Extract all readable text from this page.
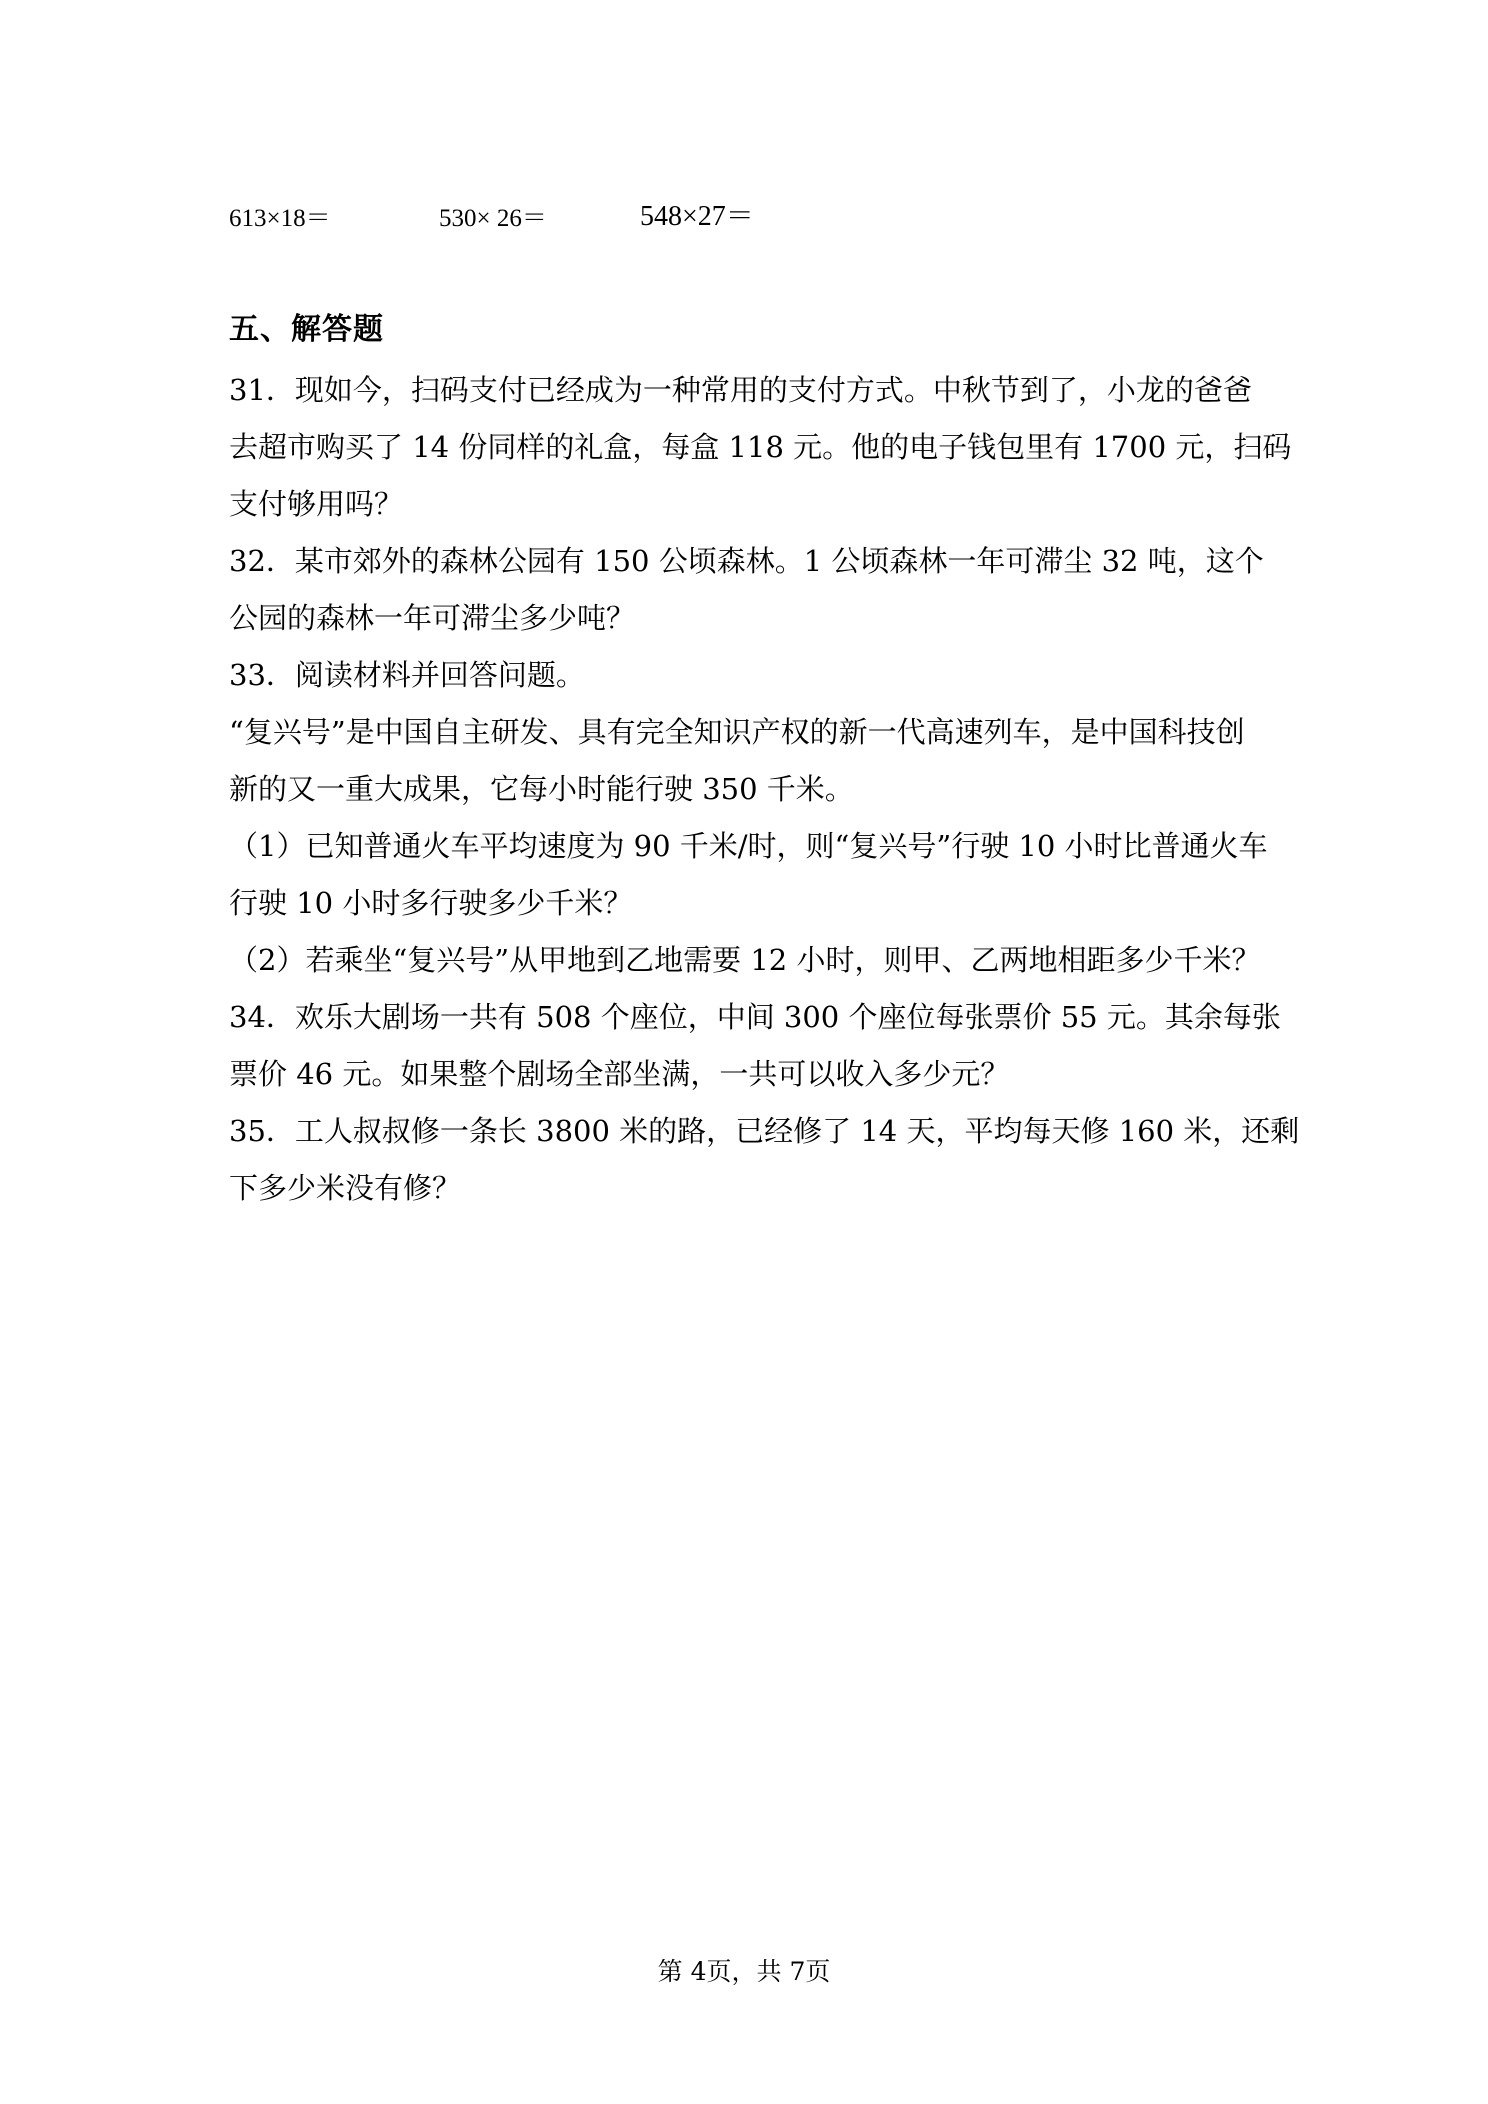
613×18＝	530× 26＝	548×27＝
五、解答题
31．现如今，扫码支付已经成为一种常用的支付方式。中秋节到了，小龙的爸爸
去超市购买了 14 份同样的礼盒，每盒 118 元。他的电子钱包里有 1700 元，扫码
支付够用吗？
32．某市郊外的森林公园有 150 公顷森林。1 公顷森林一年可滞尘 32 吨，这个
公园的森林一年可滞尘多少吨？
33．阅读材料并回答问题。
“复兴号”是中国自主研发、具有完全知识产权的新一代高速列车，是中国科技创
新的又一重大成果，它每小时能行驶 350 千米。
（1）已知普通火车平均速度为 90 千米/时，则“复兴号”行驶 10 小时比普通火车
行驶 10 小时多行驶多少千米？
（2）若乘坐“复兴号”从甲地到乙地需要 12 小时，则甲、乙两地相距多少千米？
34．欢乐大剧场一共有 508 个座位，中间 300 个座位每张票价 55 元。其余每张
票价 46 元。如果整个剧场全部坐满，一共可以收入多少元？
35．工人叔叔修一条长 3800 米的路，已经修了 14 天，平均每天修 160 米，还剩
下多少米没有修？
第 4页，共 7页
